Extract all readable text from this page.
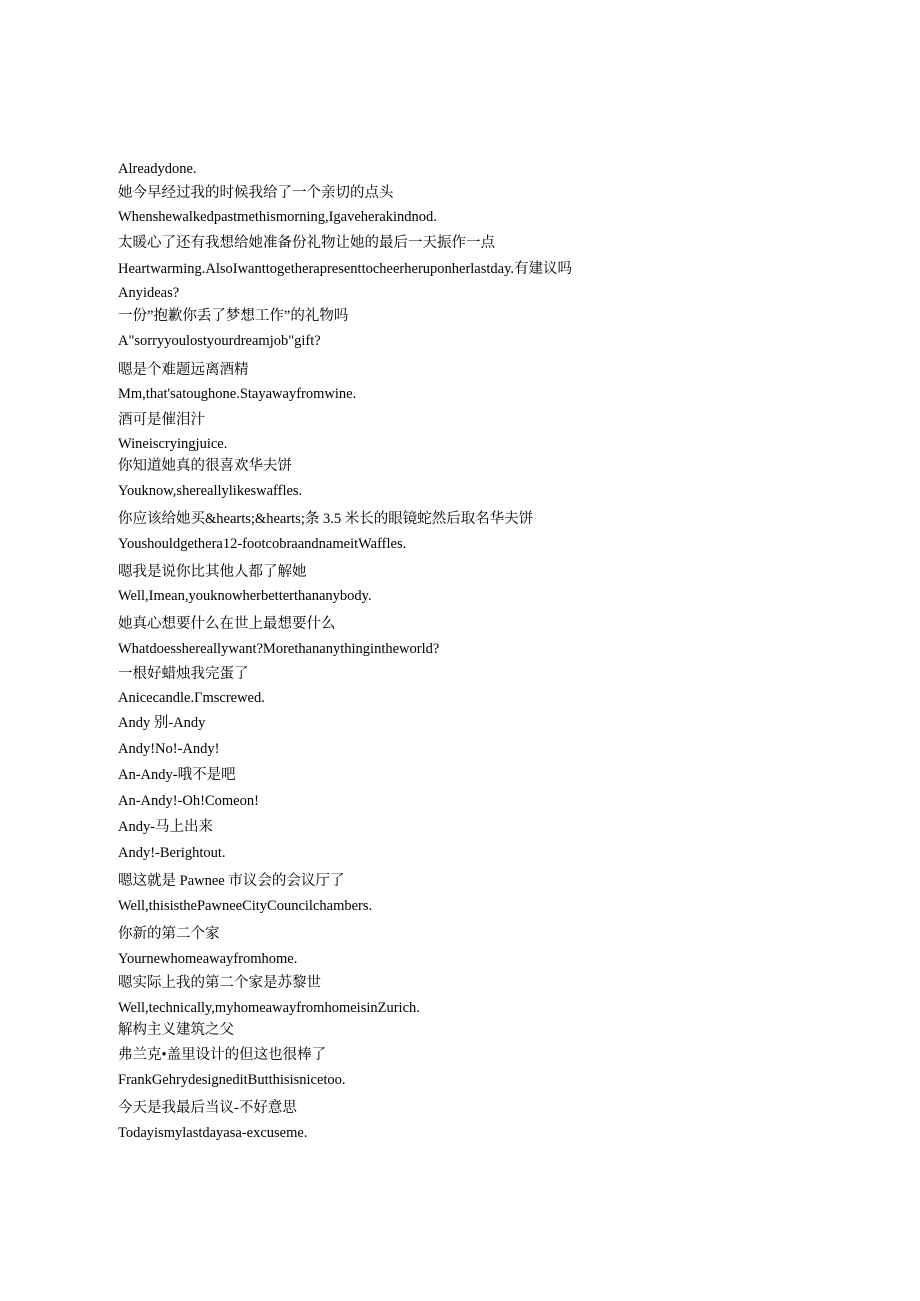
Alreadydone.
她今早经过我的时候我给了一个亲切的点头
Whenshewalkedpastmethismorning,Igaveherakindnod.
太暖心了还有我想给她准备份礼物让她的最后一天振作一点
Heartwarming.AlsoIwanttogetherapresenttocheerheruponherlastday.有建议吗
Anyideas?
一份”抱歉你丢了梦想工作”的礼物吗
A"sorryyoulostyourdreamjob"gift?
嗯是个难题远离酒精
Mm,that'satoughone.Stayawayfromwine.
酒可是催泪汁
Wineiscryingjuice.
你知道她真的很喜欢华夫饼
Youknow,shereallylikeswaffles.
你应该给她买&hearts;&hearts;条 3.5 米长的眼镜蛇然后取名华夫饼
Youshouldgethera12-footcobraandnameitWaffles.
嗯我是说你比其他人都了解她
Well,Imean,youknowherbetterthananybody.
她真心想要什么在世上最想要什么
Whatdoesshereallywant?Morethananythingintheworld?
一根好蜡烛我完蛋了
Anicecandle.Γmscrewed.
Andy 别-Andy
Andy!No!-Andy!
An-Andy-哦不是吧
An-Andy!-Oh!Comeon!
Andy-马上出来
Andy!-Berightout.
嗯这就是 Pawnee 市议会的会议厅了
Well,thisisthePawneeCityCouncilchambers.
你新的第二个家
Yournewhomeawayfromhome.
嗯实际上我的第二个家是苏黎世
Well,technically,myhomeawayfromhomeisinZurich.
解构主义建筑之父
弗兰克•盖里设计的但这也很棒了
FrankGehrydesigneditButthisisnicetoo.
今天是我最后当议-不好意思
Todayismylastdayasa-excuseme.
